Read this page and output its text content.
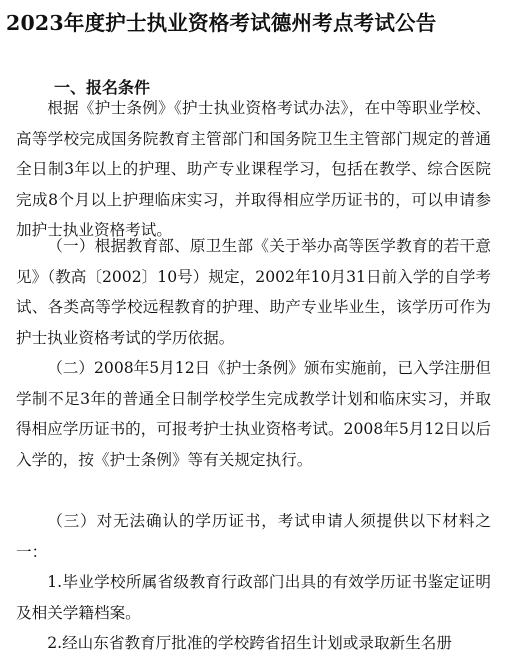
2023年度护士执业资格考试德州考点考试公告
一、报名条件

根据《护士条例》《护士执业资格考试办法》，在中等职业学校、高等学校完成国务院教育主管部门和国务院卫生主管部门规定的普通全日制3年以上的护理、助产专业课程学习，包括在教学、综合医院完成8个月以上护理临床实习，并取得相应学历证书的，可以申请参加护士执业资格考试。

（一）根据教育部、原卫生部《关于举办高等医学教育的若干意见》（教高〔2002〕10号）规定，2002年10月31日前入学的自学考试、各类高等学校远程教育的护理、助产专业毕业生，该学历可作为护士执业资格考试的学历依据。

（二）2008年5月12日《护士条例》颁布实施前，已入学注册但学制不足3年的普通全日制学校学生完成教学计划和临床实习，并取得相应学历证书的，可报考护士执业资格考试。2008年5月12日以后入学的，按《护士条例》等有关规定执行。

（三）对无法确认的学历证书，考试申请人须提供以下材料之一：

1.毕业学校所属省级教育行政部门出具的有效学历证书鉴定证明及相关学籍档案。

2.经山东省教育厅批准的学校跨省招生计划或录取新生名册
